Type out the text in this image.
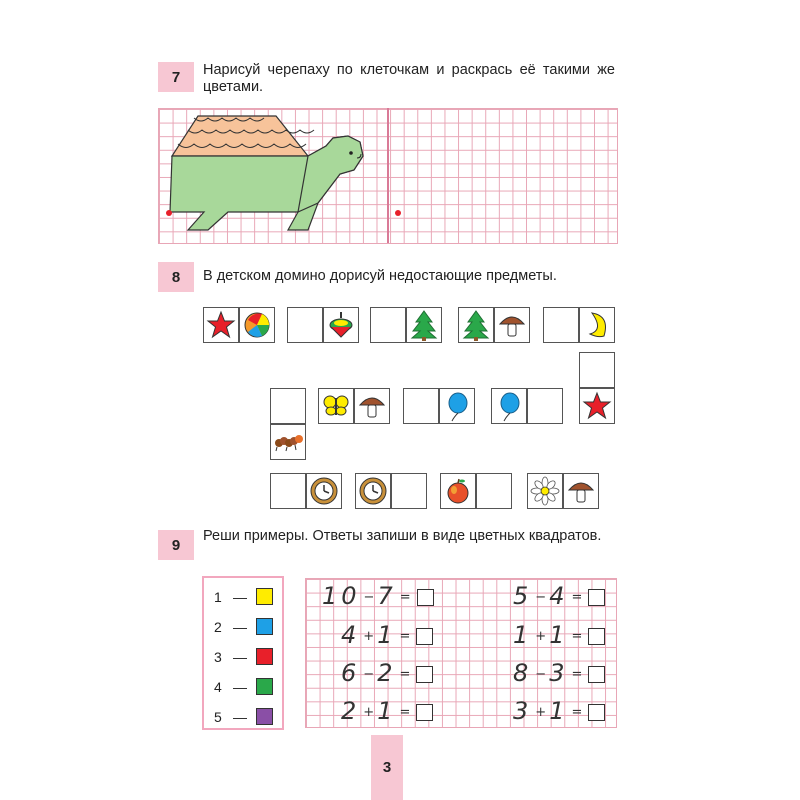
7	Нарисуй черепаху по клеточкам и раскрась её такими же цветами.
8	В детском домино дорисуй недостающие предметы.
9
Реши примеры. Ответы запиши в виде цветных квадратов.
1 —
2 —
3 —
4 —
5 —
10 − 7 =
4 + 1 =
6 − 2 =
2 + 1 =
5 − 4 =
1 + 1 =
8 − 3 =
3 + 1 =
3
